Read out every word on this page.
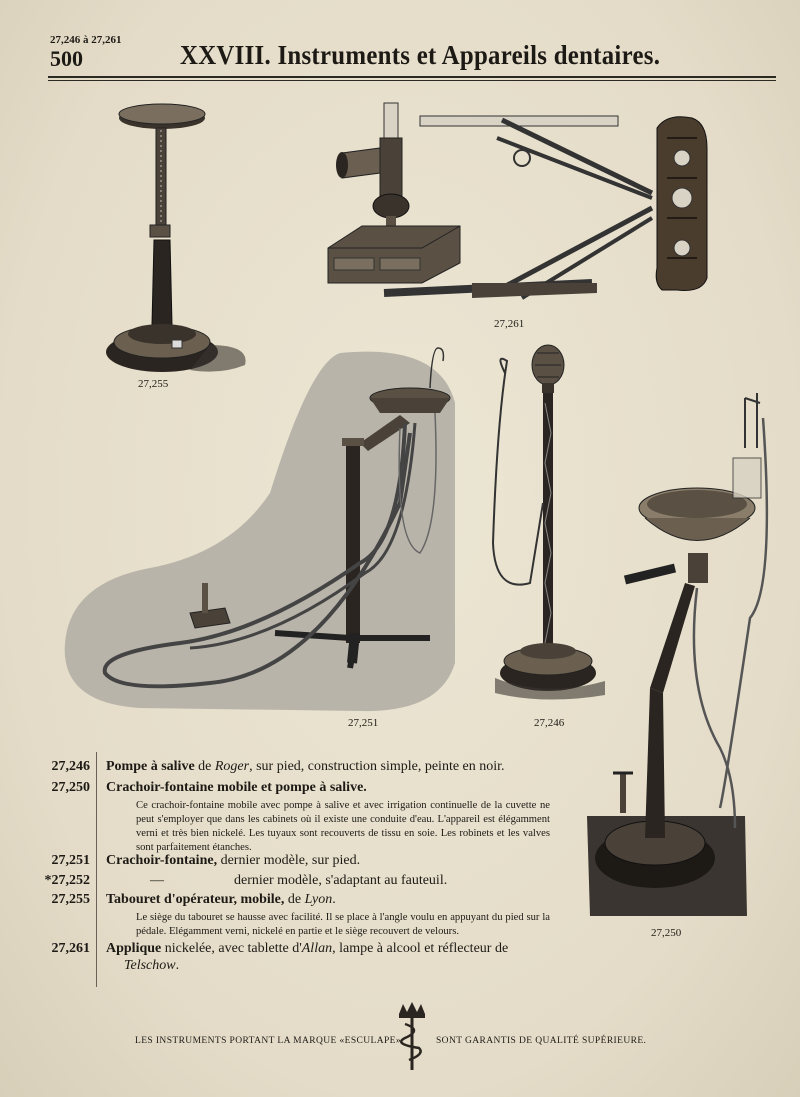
27,246 à 27,261
500	XXVIII. Instruments et Appareils dentaires.
27,255
27,261
27,251	27,246
27,250
27,246 Pompe à salive de Roger, sur pied, construction simple, peinte en noir.
27,250 Crachoir-fontaine mobile et pompe à salive.
Ce crachoir-fontaine mobile avec pompe à salive et avec irrigation continuelle de la cuvette ne peut s'employer que dans les cabinets où il existe une conduite d'eau. L'appareil est élégamment verni et très bien nickelé. Les tuyaux sont recouverts de tissu en soie. Les robinets et les valves sont parfaitement étanches.
27,251 Crachoir-fontaine, dernier modèle, sur pied.
*27,252	—                    dernier modèle, s'adaptant au fauteuil.
27,255 Tabouret d'opérateur, mobile, de Lyon.
Le siège du tabouret se hausse avec facilité. Il se place à l'angle voulu en appuyant du pied sur la pédale. Elégamment verni, nickelé en partie et le siège recouvert de velours.
27,261 Applique nickelée, avec tablette d'Allan, lampe à alcool et réflecteur de
Telschow.
LES INSTRUMENTS PORTANT LA MARQUE «ESCULAPE»	SONT GARANTIS DE QUALITÉ SUPÉRIEURE.
